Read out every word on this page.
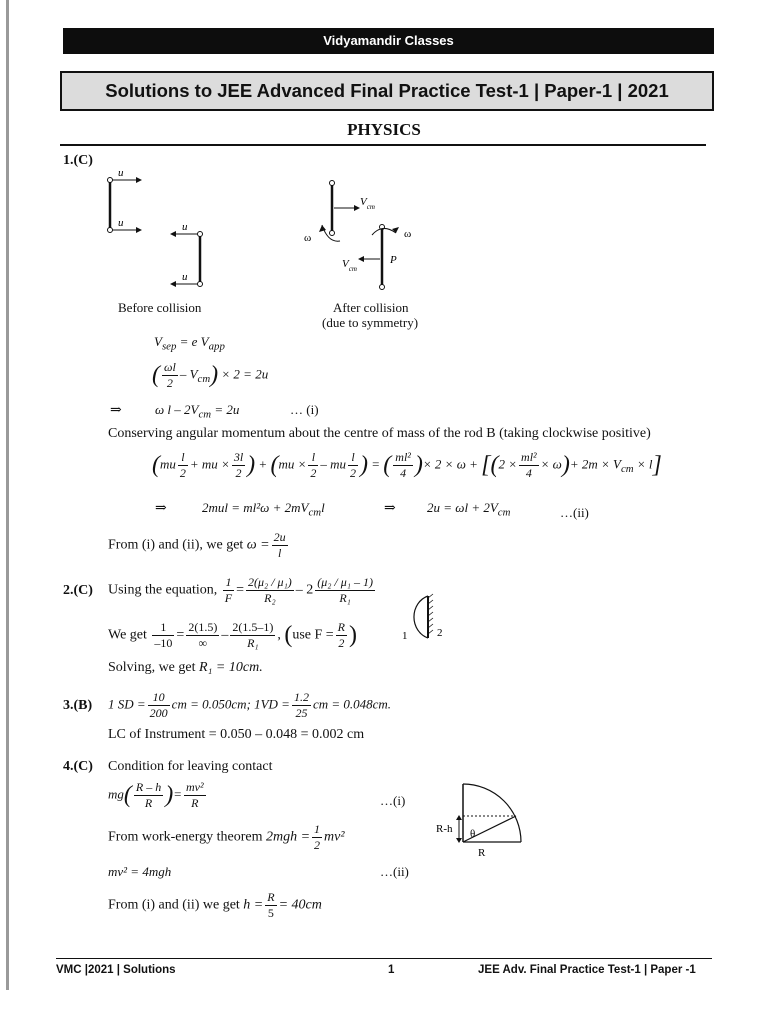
Vidyamandir Classes
Solutions to JEE Advanced Final Practice Test-1 | Paper-1 | 2021
PHYSICS
1.(C)
u
u	u
u
Before collision
$V_{cm}$
ω	ω
$V_{cm}$
P
After collision
(due to symmetry)
$V_{sep} = e$ $V_{app}$
( $\frac{\omega l}{2} - V_{cm}) \times 2 = 2u$
⇒	ω $l - 2V_{cm} = 2u$	… (i)
Conserving angular momentum about the centre of mass of the rod B (taking clockwise positive)
($mu \frac{l}{2}$ + mu × $\frac{3l}{2}$ ) + ($mu \times \frac{l}{2}$ – mu $\frac{l}{2}$ ) = ( $\frac{\text{ml²}}{4}$ )× $2 \times \omega + [(2 \times \frac{\text{ml²}}{4} \times \omega)+ 2m \times V_{cm} \times l]$
⇒	$2mul = ml^2\omega + 2mV_{cm}l$	⇒ $2u = \omega l + 2V_{cm}$	…(ii)
From (i) and (ii), we get $\omega = \frac{2u}{l}$
2.(C) Using the equation, $\frac{1}{F} = \frac{\text{2(μ₂ / μ₁)}}{\text{R₂}} - 2 \frac{\text{(μ₂ / μ₁ – 1)}}{\text{R₁}}$
We get $\frac{1}{-10} = \frac{2(1.5)}{\infty} - \frac{2(1.5-1)}{\text{R₁}}$ , (use $F = \frac{R}{2}$ )
Solving, we get R₁ = 10cm.
1	2
3.(B) 1 SD = $\frac{10}{200}$ cm = 0.050cm; $1VD = \frac{1.2}{25}$ cm = 0.048cm.
LC of Instrument = 0.050 – 0.048 = 0.002 cm
4.(C) Condition for leaving contact
$mg( \frac{R - h}{R}$ )= $\frac{\text{mv²}}{R}$	…(i)
From work-energy theorem $2mgh = \frac{1}{2} mv^2$
mv² = 4mgh	…(ii)
From (i) and (ii) we get $h = \frac{R}{5} = 40cm$
R-h θ
R
VMC |2021 | Solutions	1	JEE Adv. Final Practice Test-1 | Paper -1
